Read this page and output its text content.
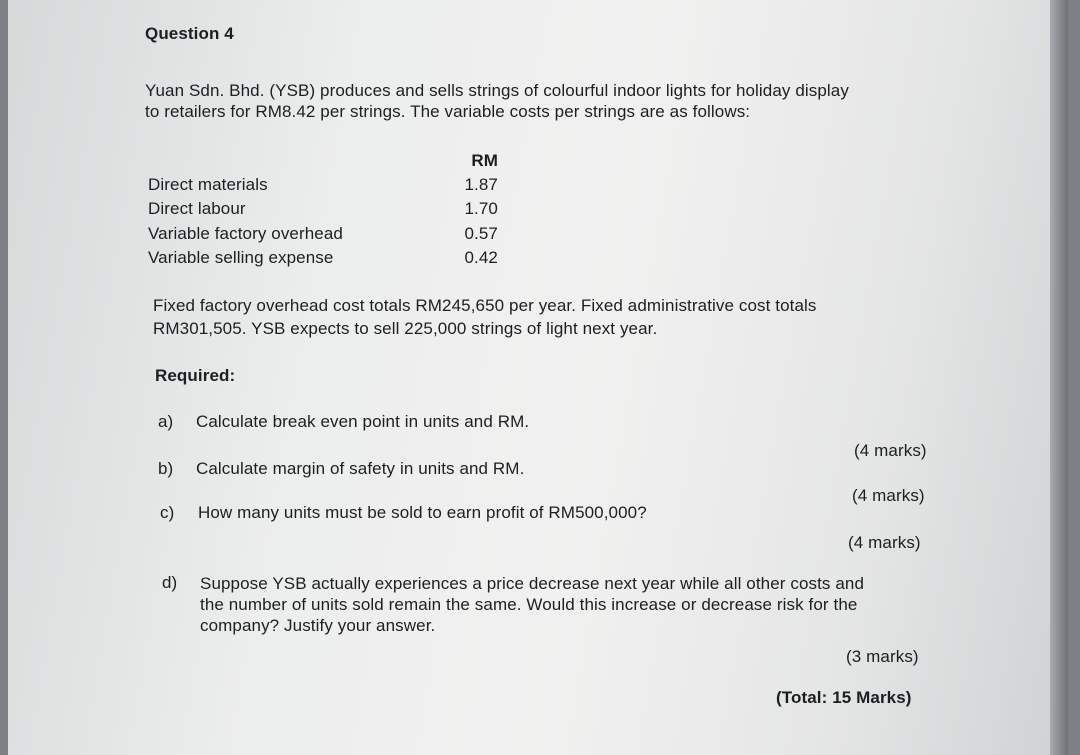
Question 4
Yuan Sdn. Bhd. (YSB) produces and sells strings of colourful indoor lights for holiday display
to retailers for RM8.42 per strings. The variable costs per strings are as follows:
RM
Direct materials	1.87
Direct labour	1.70
Variable factory overhead	0.57
Variable selling expense	0.42
Fixed factory overhead cost totals RM245,650 per year. Fixed administrative cost totals
RM301,505. YSB expects to sell 225,000 strings of light next year.
Required:
a) Calculate break even point in units and RM.
(4 marks)
b) Calculate margin of safety in units and RM.
(4 marks)
c) How many units must be sold to earn profit of RM500,000?
(4 marks)
d) Suppose YSB actually experiences a price decrease next year while all other costs and
the number of units sold remain the same. Would this increase or decrease risk for the
company? Justify your answer.
(3 marks)
(Total: 15 Marks)
